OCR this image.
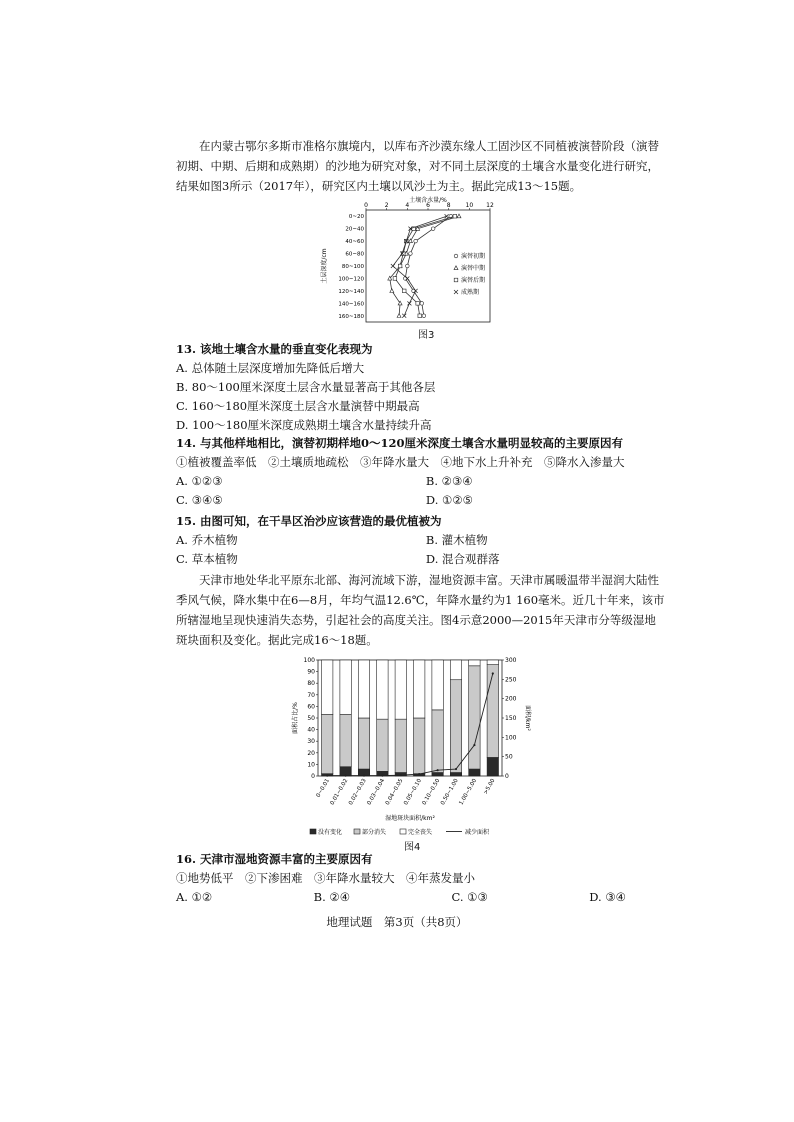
在内蒙古鄂尔多斯市准格尔旗境内，以库布齐沙漠东缘人工固沙区不同植被演替阶段（演替初期、中期、后期和成熟期）的沙地为研究对象，对不同土层深度的土壤含水量变化进行研究，结果如图3所示（2017年），研究区内土壤以风沙土为主。据此完成13～15题。
土壤含水量/%
0	2	4	6	8 10 12
0~20
20~40
40~60
60~80
80~100
100~120
120~140
140~160
160~180
土层深度/cm	演替初期
演替中期
演替后期
成熟期
图3
13. 该地土壤含水量的垂直变化表现为
A. 总体随土层深度增加先降低后增大
B. 80～100厘米深度土层含水量显著高于其他各层
C. 160～180厘米深度土层含水量演替中期最高
D. 100～180厘米深度成熟期土壤含水量持续升高
14. 与其他样地相比，演替初期样地0～120厘米深度土壤含水量明显较高的主要原因有
①植被覆盖率低　②土壤质地疏松　③年降水量大　④地下水上升补充　⑤降水入渗量大
A. ①②③	B. ②③④
C. ③④⑤	D. ①②⑤
15. 由图可知，在干旱区治沙应该营造的最优植被为
A. 乔木植物	B. 灌木植物
C. 草本植物	D. 混合观群落
天津市地处华北平原东北部、海河流域下游，湿地资源丰富。天津市属暖温带半湿润大陆性季风气候，降水集中在6—8月，年均气温12.6℃，年降水量约为1 160毫米。近几十年来，该市所辖湿地呈现快速消失态势，引起社会的高度关注。图4示意2000—2015年天津市分等级湿地斑块面积及变化。据此完成16～18题。
0
10
20
30
40
50
60
70
80
90
100
0
50
100
150
200
250
300
面积占比/%	面积/km²
0~0.01
0.01~0.02
0.02~0.03
0.03~0.04
0.04~0.05
0.05~0.10
0.10~0.50
0.50~1.00
1.00~5.00 >5.00
湿地斑块面积/km²
没有变化	部分消失	完全丧失	减少面积
图4
16. 天津市湿地资源丰富的主要原因有
①地势低平　②下渗困难　③年降水量较大　④年蒸发量小
A. ①②	B. ②④	C. ①③	D. ③④
地理试题　第3页（共8页）
